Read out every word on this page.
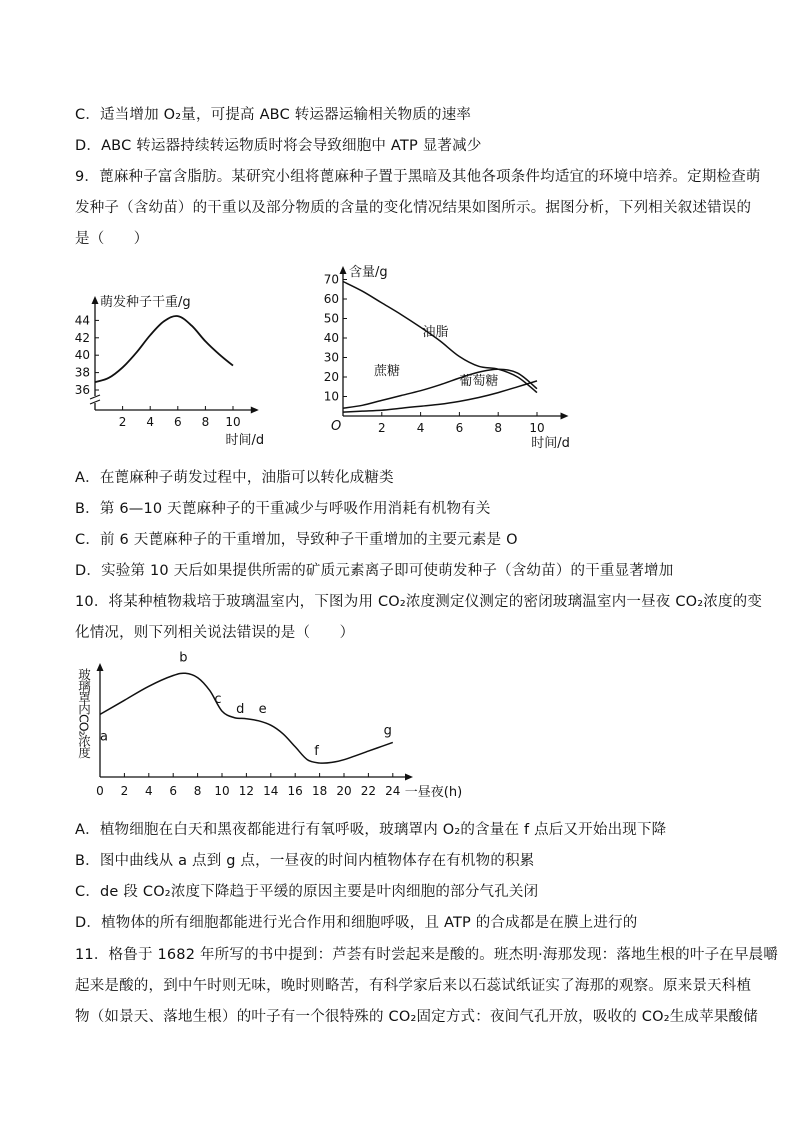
C．适当增加 O₂量，可提高 ABC 转运器运输相关物质的速率
D．ABC 转运器持续转运物质时将会导致细胞中 ATP 显著减少
9．蓖麻种子富含脂肪。某研究小组将蓖麻种子置于黑暗及其他各项条件均适宜的环境中培养。定期检查萌
发种子（含幼苗）的干重以及部分物质的含量的变化情况结果如图所示。据图分析，下列相关叙述错误的
是（　　）
36
38
40
42
44
2 4 6 8 10
萌发种子干重/g
时间/d
10
20
30
40
50
60
70
2	4	6	8 10
O
含量/g
时间/d
油脂
蔗糖
葡萄糖
A．在蓖麻种子萌发过程中，油脂可以转化成糖类
B．第 6—10 天蓖麻种子的干重减少与呼吸作用消耗有机物有关
C．前 6 天蓖麻种子的干重增加，导致种子干重增加的主要元素是 O
D．实验第 10 天后如果提供所需的矿质元素离子即可使萌发种子（含幼苗）的干重显著增加
10．将某种植物栽培于玻璃温室内，下图为用 CO₂浓度测定仪测定的密闭玻璃温室内一昼夜 CO₂浓度的变
化情况，则下列相关说法错误的是（　　）
0 2 4 6 8 10 12 14 16 18 20 22 24 一昼夜(h)
玻璃罩内CO₂浓度 a
b
c
d e
f
g
A．植物细胞在白天和黑夜都能进行有氧呼吸，玻璃罩内 O₂的含量在 f 点后又开始出现下降
B．图中曲线从 a 点到 g 点，一昼夜的时间内植物体存在有机物的积累
C．de 段 CO₂浓度下降趋于平缓的原因主要是叶肉细胞的部分气孔关闭
D．植物体的所有细胞都能进行光合作用和细胞呼吸，且 ATP 的合成都是在膜上进行的
11．格鲁于 1682 年所写的书中提到：芦荟有时尝起来是酸的。班杰明·海那发现：落地生根的叶子在早晨嚼
起来是酸的，到中午时则无味，晚时则略苦，有科学家后来以石蕊试纸证实了海那的观察。原来景天科植
物（如景天、落地生根）的叶子有一个很特殊的 CO₂固定方式：夜间气孔开放，吸收的 CO₂生成苹果酸储
